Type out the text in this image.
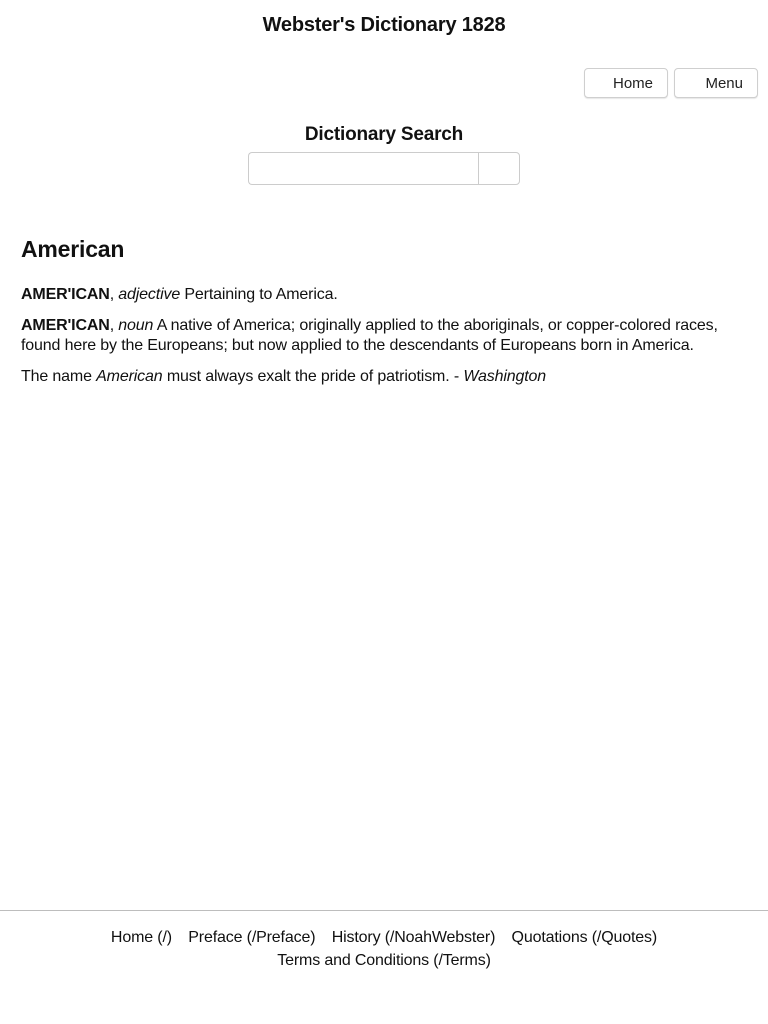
Webster's Dictionary 1828
Home	Menu
Dictionary Search
American

AMER'ICAN, adjective Pertaining to America.

AMER'ICAN, noun A native of America; originally applied to the aboriginals, or copper-colored races, found here by the Europeans; but now applied to the descendants of Europeans born in America.

The name American must always exalt the pride of patriotism. - Washington

Home (/) Preface (/Preface) History (/NoahWebster) Quotations (/Quotes)
Terms and Conditions (/Terms)
